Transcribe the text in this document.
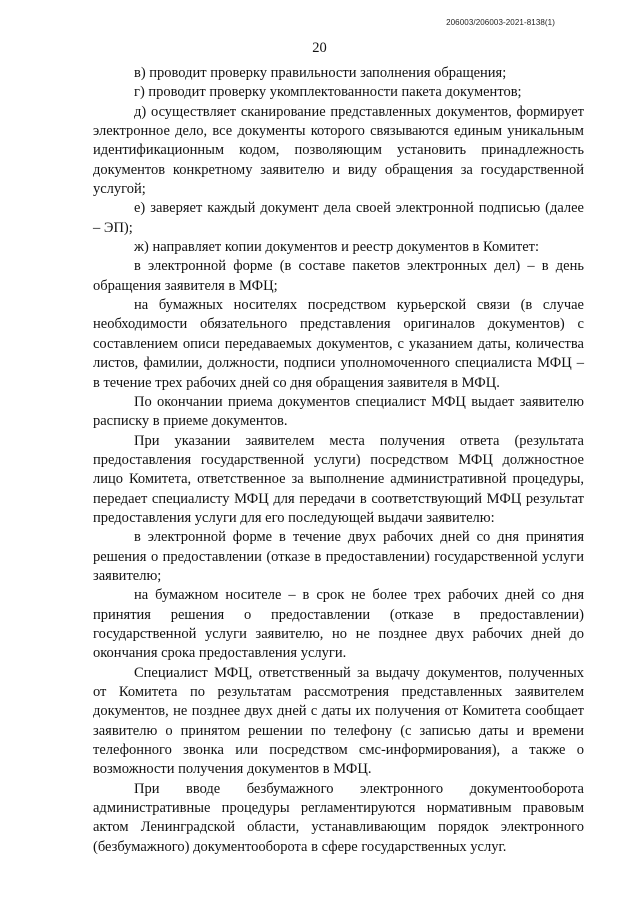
206003/206003-2021-8138(1)
20

в) проводит проверку правильности заполнения обращения;

г) проводит проверку укомплектованности пакета документов;

д) осуществляет сканирование представленных документов, формирует электронное дело, все документы которого связываются единым уникальным идентификационным кодом, позволяющим установить принадлежность документов конкретному заявителю и виду обращения за государственной услугой;

е) заверяет каждый документ дела своей электронной подписью (далее – ЭП);

ж) направляет копии документов и реестр документов в Комитет:

в электронной форме (в составе пакетов электронных дел) – в день обращения заявителя в МФЦ;

на бумажных носителях посредством курьерской связи (в случае необходимости обязательного представления оригиналов документов) с составлением описи передаваемых документов, с указанием даты, количества листов, фамилии, должности, подписи уполномоченного специалиста МФЦ – в течение трех рабочих дней со дня обращения заявителя в МФЦ.

По окончании приема документов специалист МФЦ выдает заявителю расписку в приеме документов.

При указании заявителем места получения ответа (результата предоставления государственной услуги) посредством МФЦ должностное лицо Комитета, ответственное за выполнение административной процедуры, передает специалисту МФЦ для передачи в соответствующий МФЦ результат предоставления услуги для его последующей выдачи заявителю:

в электронной форме в течение двух рабочих дней со дня принятия решения о предоставлении (отказе в предоставлении) государственной услуги заявителю;

на бумажном носителе – в срок не более трех рабочих дней со дня принятия решения о предоставлении (отказе в предоставлении) государственной услуги заявителю, но не позднее двух рабочих дней до окончания срока предоставления услуги.

Специалист МФЦ, ответственный за выдачу документов, полученных от Комитета по результатам рассмотрения представленных заявителем документов, не позднее двух дней с даты их получения от Комитета сообщает заявителю о принятом решении по телефону (с записью даты и времени телефонного звонка или посредством смс-информирования), а также о возможности получения документов в МФЦ.

При вводе безбумажного электронного документооборота административные процедуры регламентируются нормативным правовым актом Ленинградской области, устанавливающим порядок электронного (безбумажного) документооборота в сфере государственных услуг.
